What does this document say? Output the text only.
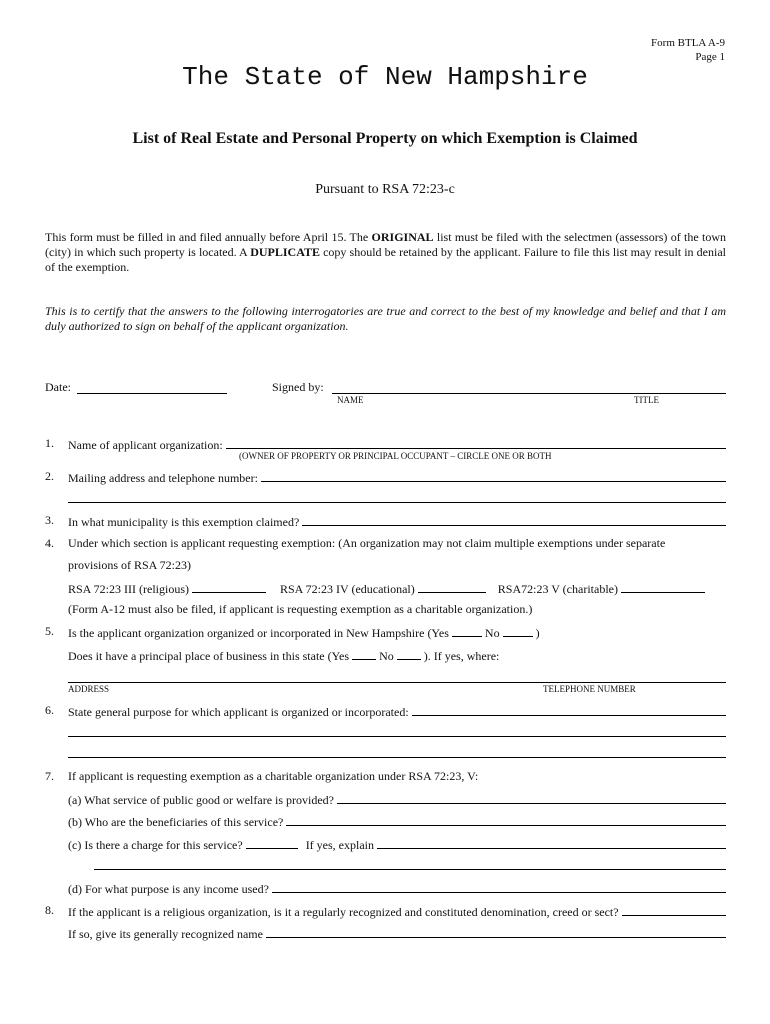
Form BTLA A-9
Page 1
The State of New Hampshire
List of Real Estate and Personal Property on which Exemption is Claimed
Pursuant to RSA 72:23-c
This form must be filled in and filed annually before April 15. The ORIGINAL list must be filed with the selectmen (assessors) of the town (city) in which such property is located. A DUPLICATE copy should be retained by the applicant. Failure to file this list may result in denial of the exemption.
This is to certify that the answers to the following interrogatories are true and correct to the best of my knowledge and belief and that I am duly authorized to sign on behalf of the applicant organization.
Date:	Signed by:
NAME	TITLE
1. Name of applicant organization:
(OWNER OF PROPERTY OR PRINCIPAL OCCUPANT – CIRCLE ONE OR BOTH
2. Mailing address and telephone number:
3. In what municipality is this exemption claimed?
4. Under which section is applicant requesting exemption: (An organization may not claim multiple exemptions under separate
provisions of RSA 72:23)
RSA 72:23 III (religious)	RSA 72:23 IV (educational)	RSA72:23 V (charitable)
(Form A-12 must also be filed, if applicant is requesting exemption as a charitable organization.)
5. Is the applicant organization organized or incorporated in New Hampshire (Yes	No	)
Does it have a principal place of business in this state (Yes	No	). If yes, where:
ADDRESS	TELEPHONE NUMBER
6. State general purpose for which applicant is organized or incorporated:
7. If applicant is requesting exemption as a charitable organization under RSA 72:23, V:
(a) What service of public good or welfare is provided?
(b) Who are the beneficiaries of this service?
(c) Is there a charge for this service?	If yes, explain
(d) For what purpose is any income used?
8. If the applicant is a religious organization, is it a regularly recognized and constituted denomination, creed or sect?
If so, give its generally recognized name
